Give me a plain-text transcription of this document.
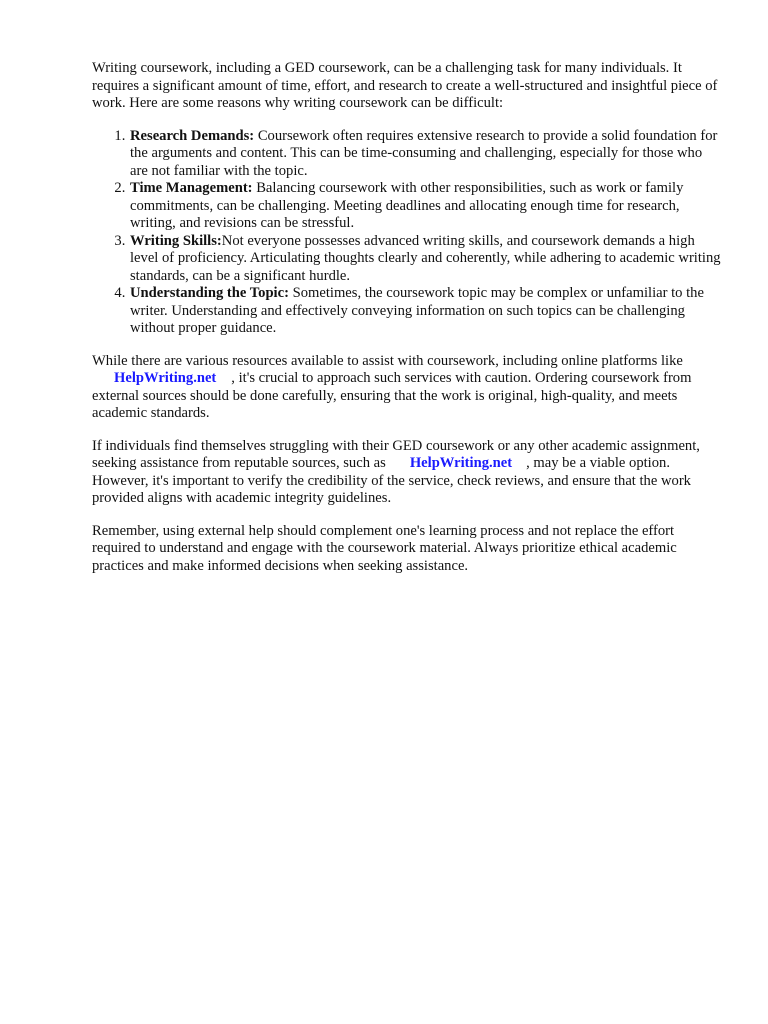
Writing coursework, including a GED coursework, can be a challenging task for many individuals. It requires a significant amount of time, effort, and research to create a well-structured and insightful piece of work. Here are some reasons why writing coursework can be difficult:

1. Research Demands: Coursework often requires extensive research to provide a solid foundation for the arguments and content. This can be time-consuming and challenging, especially for those who are not familiar with the topic.
2. Time Management: Balancing coursework with other responsibilities, such as work or family commitments, can be challenging. Meeting deadlines and allocating enough time for research, writing, and revisions can be stressful.
3. Writing Skills:Not everyone possesses advanced writing skills, and coursework demands a high level of proficiency. Articulating thoughts clearly and coherently, while adhering to academic writing standards, can be a significant hurdle.
4. Understanding the Topic: Sometimes, the coursework topic may be complex or unfamiliar to the writer. Understanding and effectively conveying information on such topics can be challenging without proper guidance.

While there are various resources available to assist with coursework, including online platforms like HelpWriting.net , it's crucial to approach such services with caution. Ordering coursework from external sources should be done carefully, ensuring that the work is original, high-quality, and meets academic standards.

If individuals find themselves struggling with their GED coursework or any other academic assignment, seeking assistance from reputable sources, such as HelpWriting.net , may be a viable option. However, it's important to verify the credibility of the service, check reviews, and ensure that the work provided aligns with academic integrity guidelines.

Remember, using external help should complement one's learning process and not replace the effort required to understand and engage with the coursework material. Always prioritize ethical academic practices and make informed decisions when seeking assistance.
